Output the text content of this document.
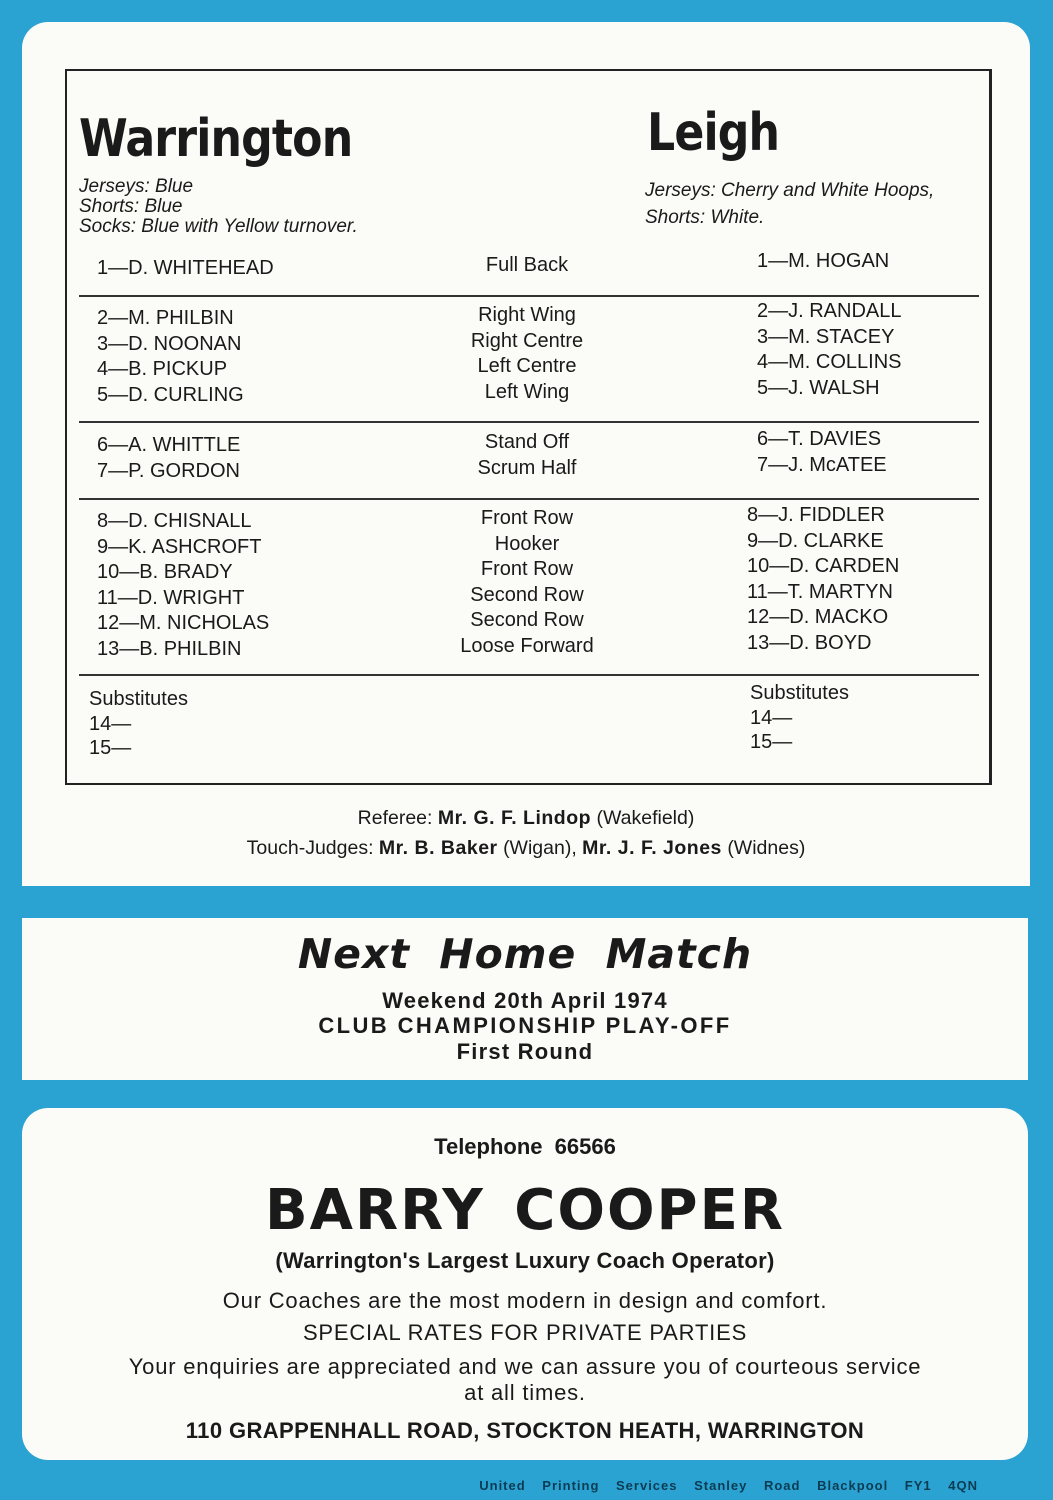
Warrington
Jerseys: Blue
Shorts: Blue
Socks: Blue with Yellow turnover.
Leigh
Jerseys: Cherry and White Hoops,
Shorts: White.
1—D. WHITEHEAD	Full Back	1—M. HOGAN
2—M. PHILBIN
3—D. NOONAN
4—B. PICKUP
5—D. CURLING
Right Wing
Right Centre
Left Centre
Left Wing
2—J. RANDALL
3—M. STACEY
4—M. COLLINS
5—J. WALSH
6—A. WHITTLE
7—P. GORDON
Stand Off
Scrum Half
6—T. DAVIES
7—J. McATEE
8—D. CHISNALL
9—K. ASHCROFT
10—B. BRADY
11—D. WRIGHT
12—M. NICHOLAS
13—B. PHILBIN
Front Row
Hooker
Front Row
Second Row
Second Row
Loose Forward
8—J. FIDDLER
9—D. CLARKE
10—D. CARDEN
11—T. MARTYN
12—D. MACKO
13—D. BOYD
Substitutes
14—
15—
Substitutes
14—
15—
Referee: Mr. G. F. Lindop (Wakefield)
Touch-Judges: Mr. B. Baker (Wigan), Mr. J. F. Jones (Widnes)
Next Home Match
Weekend 20th April 1974
CLUB CHAMPIONSHIP PLAY-OFF
First Round
Telephone 66566
BARRY COOPER
(Warrington's Largest Luxury Coach Operator)
Our Coaches are the most modern in design and comfort.
SPECIAL RATES FOR PRIVATE PARTIES
Your enquiries are appreciated and we can assure you of courteous service
at all times.
110 GRAPPENHALL ROAD, STOCKTON HEATH, WARRINGTON
United Printing Services Stanley Road Blackpool FY1 4QN
